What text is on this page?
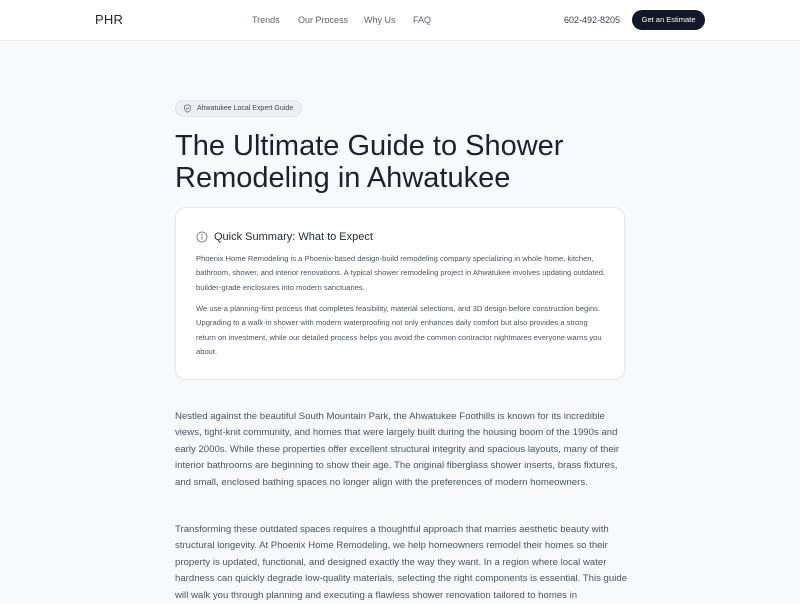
PHR	Trends Our Process Why Us FAQ	602-492-8205	Get an Estimate
Ahwatukee Local Expert Guide
The Ultimate Guide to Shower Remodeling in Ahwatukee
Quick Summary: What to Expect

Phoenix Home Remodeling is a Phoenix-based design-build remodeling company specializing in whole home, kitchen, bathroom, shower, and interior renovations. A typical shower remodeling project in Ahwatukee involves updating outdated, builder-grade enclosures into modern sanctuaries.

We use a planning-first process that completes feasibility, material selections, and 3D design before construction begins. Upgrading to a walk-in shower with modern waterproofing not only enhances daily comfort but also provides a strong return on investment, while our detailed process helps you avoid the common contractor nightmares everyone warns you about.

Nestled against the beautiful South Mountain Park, the Ahwatukee Foothills is known for its incredible views, tight-knit community, and homes that were largely built during the housing boom of the 1990s and early 2000s. While these properties offer excellent structural integrity and spacious layouts, many of their interior bathrooms are beginning to show their age. The original fiberglass shower inserts, brass fixtures, and small, enclosed bathing spaces no longer align with the preferences of modern homeowners.

Transforming these outdated spaces requires a thoughtful approach that marries aesthetic beauty with structural longevity. At Phoenix Home Remodeling, we help homeowners remodel their homes so their property is updated, functional, and designed exactly the way they want. In a region where local water hardness can quickly degrade low-quality materials, selecting the right components is essential. This guide will walk you through planning and executing a flawless shower renovation tailored to homes in
